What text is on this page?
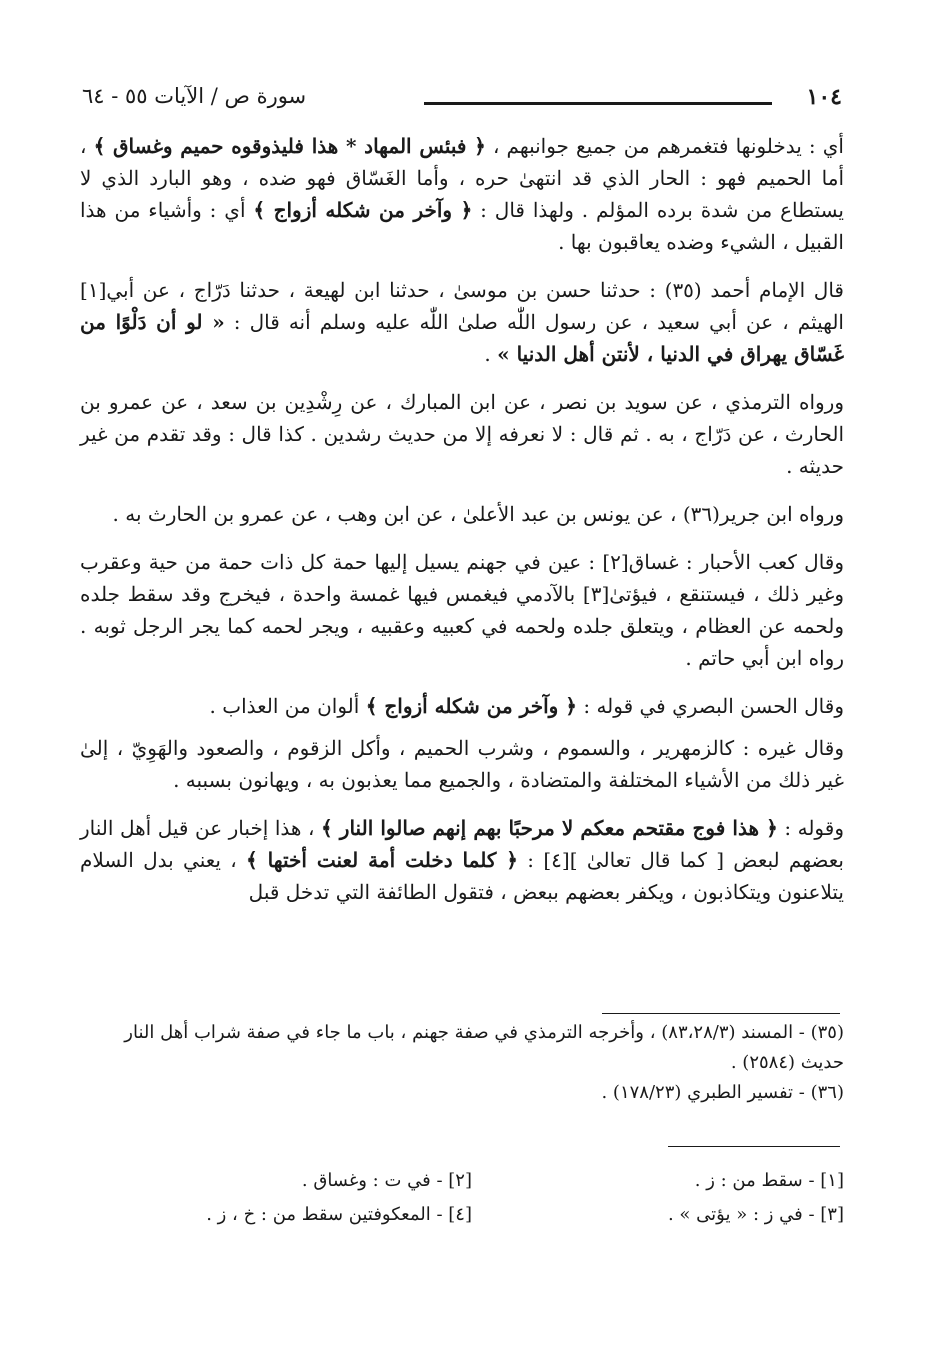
١٠٤
سورة ص / الآيات ٥٥ - ٦٤

أي : يدخلونها فتغمرهم من جميع جوانبهم ، ﴿ فبئس المهاد * هذا فليذوقوه حميم وغساق ﴾ ، أما الحميم فهو : الحار الذي قد انتهىٰ حره ، وأما الغَسّاق فهو ضده ، وهو البارد الذي لا يستطاع من شدة برده المؤلم . ولهذا قال : ﴿ وآخر من شكله أزواج ﴾ أي : وأشياء من هذا القبيل ، الشيء وضده يعاقبون بها .

قال الإمام أحمد (٣٥) : حدثنا حسن بن موسىٰ ، حدثنا ابن لهيعة ، حدثنا دَرّاج ، عن أبي[١] الهيثم ، عن أبي سعيد ، عن رسول اللّٰه صلىٰ اللّٰه عليه وسلم أنه قال : « لو أن دَلْوًا من غَسّاق يهراق في الدنيا ، لأنتن أهل الدنيا » .

ورواه الترمذي ، عن سويد بن نصر ، عن ابن المبارك ، عن رِشْدِين بن سعد ، عن عمرو بن الحارث ، عن دَرّاج ، به . ثم قال : لا نعرفه إلا من حديث رشدين . كذا قال : وقد تقدم من غير حديثه .

ورواه ابن جرير(٣٦) ، عن يونس بن عبد الأعلىٰ ، عن ابن وهب ، عن عمرو بن الحارث به .

وقال كعب الأحبار : غساق[٢] : عين في جهنم يسيل إليها حمة كل ذات حمة من حية وعقرب وغير ذلك ، فيستنقع ، فيؤتىٰ[٣] بالآدمي فيغمس فيها غمسة واحدة ، فيخرج وقد سقط جلده ولحمه عن العظام ، ويتعلق جلده ولحمه في كعبيه وعقبيه ، ويجر لحمه كما يجر الرجل ثوبه . رواه ابن أبي حاتم .

وقال الحسن البصري في قوله : ﴿ وآخر من شكله أزواج ﴾ ألوان من العذاب .

وقال غيره : كالزمهرير ، والسموم ، وشرب الحميم ، وأكل الزقوم ، والصعود والهَوِيّ ، إلىٰ غير ذلك من الأشياء المختلفة والمتضادة ، والجميع مما يعذبون به ، ويهانون بسببه .

وقوله : ﴿ هذا فوج مقتحم معكم لا مرحبًا بهم إنهم صالوا النار ﴾ ، هذا إخبار عن قيل أهل النار بعضهم لبعض [ كما قال تعالىٰ ][٤] : ﴿ كلما دخلت أمة لعنت أختها ﴾ ، يعني بدل السلام يتلاعنون ويتكاذبون ، ويكفر بعضهم ببعض ، فتقول الطائفة التي تدخل قبل

(٣٥) - المسند (٨٣،٢٨/٣) ، وأخرجه الترمذي في صفة جهنم ، باب ما جاء في صفة شراب أهل النار حديث (٢٥٨٤) .

(٣٦) - تفسير الطبري (١٧٨/٢٣) .

[١] - سقط من : ز .
[٢] - في ت : وغساق .
[٣] - في ز : « يؤتى » .
[٤] - المعكوفتين سقط من : خ ، ز .
